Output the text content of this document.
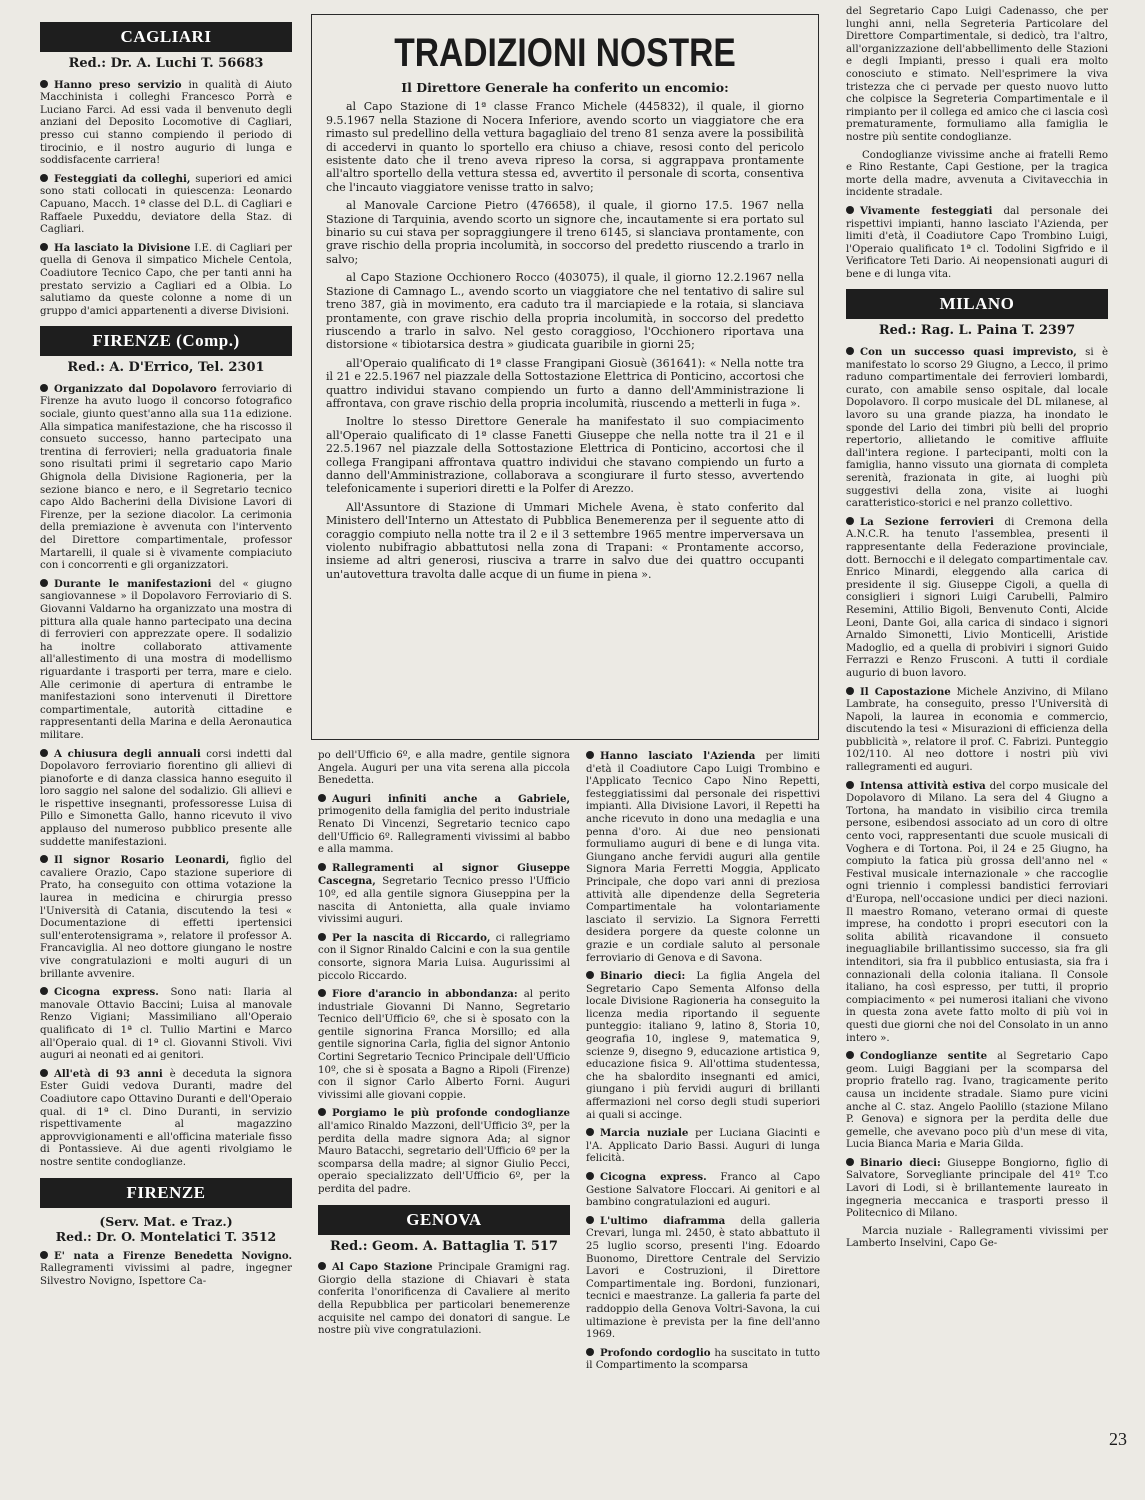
CAGLIARI
Red.: Dr. A. Luchi T. 56683

Hanno preso servizio in qualità di Aiuto Macchinista i colleghi Francesco Porrà e Luciano Farci. Ad essi vada il benvenuto degli anziani del Deposito Locomotive di Cagliari, presso cui stanno compiendo il periodo di tirocinio, e il nostro augurio di lunga e soddisfacente carriera!

Festeggiati da colleghi, superiori ed amici sono stati collocati in quiescenza: Leonardo Capuano, Macch. 1ª classe del D.L. di Cagliari e Raffaele Puxeddu, deviatore della Staz. di Cagliari.

Ha lasciato la Divisione I.E. di Cagliari per quella di Genova il simpatico Michele Centola, Coadiutore Tecnico Capo, che per tanti anni ha prestato servizio a Cagliari ed a Olbia. Lo salutiamo da queste colonne a nome di un gruppo d'amici appartenenti a diverse Divisioni.

FIRENZE (Comp.)
Red.: A. D'Errico, Tel. 2301

Organizzato dal Dopolavoro ferroviario di Firenze ha avuto luogo il concorso fotografico sociale, giunto quest'anno alla sua 11a edizione. Alla simpatica manifestazione, che ha riscosso il consueto successo, hanno partecipato una trentina di ferrovieri; nella graduatoria finale sono risultati primi il segretario capo Mario Ghignola della Divisione Ragioneria, per la sezione bianco e nero, e il Segretario tecnico capo Aldo Bacherini della Divisione Lavori di Firenze, per la sezione diacolor. La cerimonia della premiazione è avvenuta con l'intervento del Direttore compartimentale, professor Martarelli, il quale si è vivamente compiaciuto con i concorrenti e gli organizzatori.

Durante le manifestazioni del « giugno sangiovannese » il Dopolavoro Ferroviario di S. Giovanni Valdarno ha organizzato una mostra di pittura alla quale hanno partecipato una decina di ferrovieri con apprezzate opere. Il sodalizio ha inoltre collaborato attivamente all'allestimento di una mostra di modellismo riguardante i trasporti per terra, mare e cielo. Alle cerimonie di apertura di entrambe le manifestazioni sono intervenuti il Direttore compartimentale, autorità cittadine e rappresentanti della Marina e della Aeronautica militare.

A chiusura degli annuali corsi indetti dal Dopolavoro ferroviario fiorentino gli allievi di pianoforte e di danza classica hanno eseguito il loro saggio nel salone del sodalizio. Gli allievi e le rispettive insegnanti, professoresse Luisa di Pillo e Simonetta Gallo, hanno ricevuto il vivo applauso del numeroso pubblico presente alle suddette manifestazioni.

Il signor Rosario Leonardi, figlio del cavaliere Orazio, Capo stazione superiore di Prato, ha conseguito con ottima votazione la laurea in medicina e chirurgia presso l'Università di Catania, discutendo la tesi « Documentazione di effetti ipertensici sull'enterotensigrama », relatore il professor A. Francaviglia. Al neo dottore giungano le nostre vive congratulazioni e molti auguri di un brillante avvenire.

Cicogna express. Sono nati: Ilaria al manovale Ottavio Baccini; Luisa al manovale Renzo Vigiani; Massimiliano all'Operaio qualificato di 1ª cl. Tullio Martini e Marco all'Operaio qual. di 1ª cl. Giovanni Stivoli. Vivi auguri ai neonati ed ai genitori.

All'età di 93 anni è deceduta la signora Ester Guidi vedova Duranti, madre del Coadiutore capo Ottavino Duranti e dell'Operaio qual. di 1ª cl. Dino Duranti, in servizio rispettivamente al magazzino approvvigionamenti e all'officina materiale fisso di Pontassieve. Ai due agenti rivolgiamo le nostre sentite condoglianze.

FIRENZE
(Serv. Mat. e Traz.)
Red.: Dr. O. Montelatici T. 3512

E' nata a Firenze Benedetta Novigno. Rallegramenti vivissimi al padre, ingegner Silvestro Novigno, Ispettore Ca-

TRADIZIONI NOSTRE
Il Direttore Generale ha conferito un encomio:

al Capo Stazione di 1ª classe Franco Michele (445832), il quale, il giorno 9.5.1967 nella Stazione di Nocera Inferiore, avendo scorto un viaggiatore che era rimasto sul predellino della vettura bagagliaio del treno 81 senza avere la possibilità di accedervi in quanto lo sportello era chiuso a chiave, resosi conto del pericolo esistente dato che il treno aveva ripreso la corsa, si aggrappava prontamente all'altro sportello della vettura stessa ed, avvertito il personale di scorta, consentiva che l'incauto viaggiatore venisse tratto in salvo;

al Manovale Carcione Pietro (476658), il quale, il giorno 17.5. 1967 nella Stazione di Tarquinia, avendo scorto un signore che, incautamente si era portato sul binario su cui stava per sopraggiungere il treno 6145, si slanciava prontamente, con grave rischio della propria incolumità, in soccorso del predetto riuscendo a trarlo in salvo;

al Capo Stazione Occhionero Rocco (403075), il quale, il giorno 12.2.1967 nella Stazione di Camnago L., avendo scorto un viaggiatore che nel tentativo di salire sul treno 387, già in movimento, era caduto tra il marciapiede e la rotaia, si slanciava prontamente, con grave rischio della propria incolumità, in soccorso del predetto riuscendo a trarlo in salvo. Nel gesto coraggioso, l'Occhionero riportava una distorsione « tibiotarsica destra » giudicata guaribile in giorni 25;

all'Operaio qualificato di 1ª classe Frangipani Giosuè (361641): « Nella notte tra il 21 e 22.5.1967 nel piazzale della Sottostazione Elettrica di Ponticino, accortosi che quattro individui stavano compiendo un furto a danno dell'Amministrazione li affrontava, con grave rischio della propria incolumità, riuscendo a metterli in fuga ».

Inoltre lo stesso Direttore Generale ha manifestato il suo compiacimento all'Operaio qualificato di 1ª classe Fanetti Giuseppe che nella notte tra il 21 e il 22.5.1967 nel piazzale della Sottostazione Elettrica di Ponticino, accortosi che il collega Frangipani affrontava quattro individui che stavano compiendo un furto a danno dell'Amministrazione, collaborava a scongiurare il furto stesso, avvertendo telefonicamente i superiori diretti e la Polfer di Arezzo.

All'Assuntore di Stazione di Ummari Michele Avena, è stato conferito dal Ministero dell'Interno un Attestato di Pubblica Benemerenza per il seguente atto di coraggio compiuto nella notte tra il 2 e il 3 settembre 1965 mentre imperversava un violento nubifragio abbattutosi nella zona di Trapani: « Prontamente accorso, insieme ad altri generosi, riusciva a trarre in salvo due dei quattro occupanti un'autovettura travolta dalle acque di un fiume in piena ».

po dell'Ufficio 6º, e alla madre, gentile signora Angela. Auguri per una vita serena alla piccola Benedetta.

Auguri infiniti anche a Gabriele, primogenito della famiglia del perito industriale Renato Di Vincenzi, Segretario tecnico capo dell'Ufficio 6º. Rallegramenti vivissimi al babbo e alla mamma.

Rallegramenti al signor Giuseppe Cascegna, Segretario Tecnico presso l'Ufficio 10º, ed alla gentile signora Giuseppina per la nascita di Antonietta, alla quale inviamo vivissimi auguri.

Per la nascita di Riccardo, ci rallegriamo con il Signor Rinaldo Calcini e con la sua gentile consorte, signora Maria Luisa. Augurissimi al piccolo Riccardo.

Fiore d'arancio in abbondanza: al perito industriale Giovanni Di Nanno, Segretario Tecnico dell'Ufficio 6º, che si è sposato con la gentile signorina Franca Morsillo; ed alla gentile signorina Carla, figlia del signor Antonio Cortini Segretario Tecnico Principale dell'Ufficio 10º, che si è sposata a Bagno a Ripoli (Firenze) con il signor Carlo Alberto Forni. Auguri vivissimi alle giovani coppie.

Porgiamo le più profonde condoglianze all'amico Rinaldo Mazzoni, dell'Ufficio 3º, per la perdita della madre signora Ada; al signor Mauro Batacchi, segretario dell'Ufficio 6º per la scomparsa della madre; al signor Giulio Pecci, operaio specializzato dell'Ufficio 6º, per la perdita del padre.

GENOVA
Red.: Geom. A. Battaglia T. 517

Al Capo Stazione Principale Gramigni rag. Giorgio della stazione di Chiavari è stata conferita l'onorificenza di Cavaliere al merito della Repubblica per particolari benemerenze acquisite nel campo dei donatori di sangue. Le nostre più vive congratulazioni.

Hanno lasciato l'Azienda per limiti d'età il Coadiutore Capo Luigi Trombino e l'Applicato Tecnico Capo Nino Repetti, festeggiatissimi dal personale dei rispettivi impianti. Alla Divisione Lavori, il Repetti ha anche ricevuto in dono una medaglia e una penna d'oro. Ai due neo pensionati formuliamo auguri di bene e di lunga vita. Giungano anche fervidi auguri alla gentile Signora Maria Ferretti Moggia, Applicato Principale, che dopo vari anni di preziosa attività alle dipendenze della Segreteria Compartimentale ha volontariamente lasciato il servizio. La Signora Ferretti desidera porgere da queste colonne un grazie e un cordiale saluto al personale ferroviario di Genova e di Savona.

Binario dieci: La figlia Angela del Segretario Capo Sementa Alfonso della locale Divisione Ragioneria ha conseguito la licenza media riportando il seguente punteggio: italiano 9, latino 8, Storia 10, geografia 10, inglese 9, matematica 9, scienze 9, disegno 9, educazione artistica 9, educazione fisica 9. All'ottima studentessa, che ha sbalordito insegnanti ed amici, giungano i più fervidi auguri di brillanti affermazioni nel corso degli studi superiori ai quali si accinge.

Marcia nuziale per Luciana Giacinti e l'A. Applicato Dario Bassi. Auguri di lunga felicità.

Cicogna express. Franco al Capo Gestione Salvatore Floccari. Ai genitori e al bambino congratulazioni ed auguri.

L'ultimo diaframma della galleria Crevari, lunga ml. 2450, è stato abbattuto il 25 luglio scorso, presenti l'ing. Edoardo Buonomo, Direttore Centrale del Servizio Lavori e Costruzioni, il Direttore Compartimentale ing. Bordoni, funzionari, tecnici e maestranze. La galleria fa parte del raddoppio della Genova Voltri-Savona, la cui ultimazione è prevista per la fine dell'anno 1969.

Profondo cordoglio ha suscitato in tutto il Compartimento la scomparsa

del Segretario Capo Luigi Cadenasso, che per lunghi anni, nella Segreteria Particolare del Direttore Compartimentale, si dedicò, tra l'altro, all'organizzazione dell'abbellimento delle Stazioni e degli Impianti, presso i quali era molto conosciuto e stimato. Nell'esprimere la viva tristezza che ci pervade per questo nuovo lutto che colpisce la Segreteria Compartimentale e il rimpianto per il collega ed amico che ci lascia così prematuramente, formuliamo alla famiglia le nostre più sentite condoglianze.

Condoglianze vivissime anche ai fratelli Remo e Rino Restante, Capi Gestione, per la tragica morte della madre, avvenuta a Civitavecchia in incidente stradale.

Vivamente festeggiati dal personale dei rispettivi impianti, hanno lasciato l'Azienda, per limiti d'età, il Coadiutore Capo Trombino Luigi, l'Operaio qualificato 1ª cl. Todolini Sigfrido e il Verificatore Teti Dario. Ai neopensionati auguri di bene e di lunga vita.

MILANO
Red.: Rag. L. Paina T. 2397

Con un successo quasi imprevisto, si è manifestato lo scorso 29 Giugno, a Lecco, il primo raduno compartimentale dei ferrovieri lombardi, curato, con amabile senso ospitale, dal locale Dopolavoro. Il corpo musicale del DL milanese, al lavoro su una grande piazza, ha inondato le sponde del Lario dei timbri più belli del proprio repertorio, allietando le comitive affluite dall'intera regione. I partecipanti, molti con la famiglia, hanno vissuto una giornata di completa serenità, frazionata in gite, ai luoghi più suggestivi della zona, visite ai luoghi caratteristico-storici e nel pranzo collettivo.

La Sezione ferrovieri di Cremona della A.N.C.R. ha tenuto l'assemblea, presenti il rappresentante della Federazione provinciale, dott. Bernocchi e il delegato compartimentale cav. Enrico Minardi, eleggendo alla carica di presidente il sig. Giuseppe Cigoli, a quella di consiglieri i signori Luigi Carubelli, Palmiro Resemini, Attilio Bigoli, Benvenuto Conti, Alcide Leoni, Dante Goi, alla carica di sindaco i signori Arnaldo Simonetti, Livio Monticelli, Aristide Madoglio, ed a quella di probiviri i signori Guido Ferrazzi e Renzo Frusconi. A tutti il cordiale augurio di buon lavoro.

Il Capostazione Michele Anzivino, di Milano Lambrate, ha conseguito, presso l'Università di Napoli, la laurea in economia e commercio, discutendo la tesi « Misurazioni di efficienza della pubblicità », relatore il prof. C. Fabrizi. Punteggio 102/110. Al neo dottore i nostri più vivi rallegramenti ed auguri.

Intensa attività estiva del corpo musicale del Dopolavoro di Milano. La sera del 4 Giugno a Tortona, ha mandato in visibilio circa tremila persone, esibendosi associato ad un coro di oltre cento voci, rappresentanti due scuole musicali di Voghera e di Tortona. Poi, il 24 e 25 Giugno, ha compiuto la fatica più grossa dell'anno nel « Festival musicale internazionale » che raccoglie ogni triennio i complessi bandistici ferroviari d'Europa, nell'occasione undici per dieci nazioni. Il maestro Romano, veterano ormai di queste imprese, ha condotto i propri esecutori con la solita abilità ricavandone il consueto ineguagliabile brillantissimo successo, sia fra gli intenditori, sia fra il pubblico entusiasta, sia fra i connazionali della colonia italiana. Il Console italiano, ha così espresso, per tutti, il proprio compiacimento « pei numerosi italiani che vivono in questa zona avete fatto molto di più voi in questi due giorni che noi del Consolato in un anno intero ».

Condoglianze sentite al Segretario Capo geom. Luigi Baggiani per la scomparsa del proprio fratello rag. Ivano, tragicamente perito causa un incidente stradale. Siamo pure vicini anche al C. staz. Angelo Paolillo (stazione Milano P. Genova) e signora per la perdita delle due gemelle, che avevano poco più d'un mese di vita, Lucia Bianca Maria e Maria Gilda.

Binario dieci: Giuseppe Bongiorno, figlio di Salvatore, Sorvegliante principale del 41º T.co Lavori di Lodi, si è brillantemente laureato in ingegneria meccanica e trasporti presso il Politecnico di Milano.

Marcia nuziale - Rallegramenti vivissimi per Lamberto Inselvini, Capo Ge-

23
